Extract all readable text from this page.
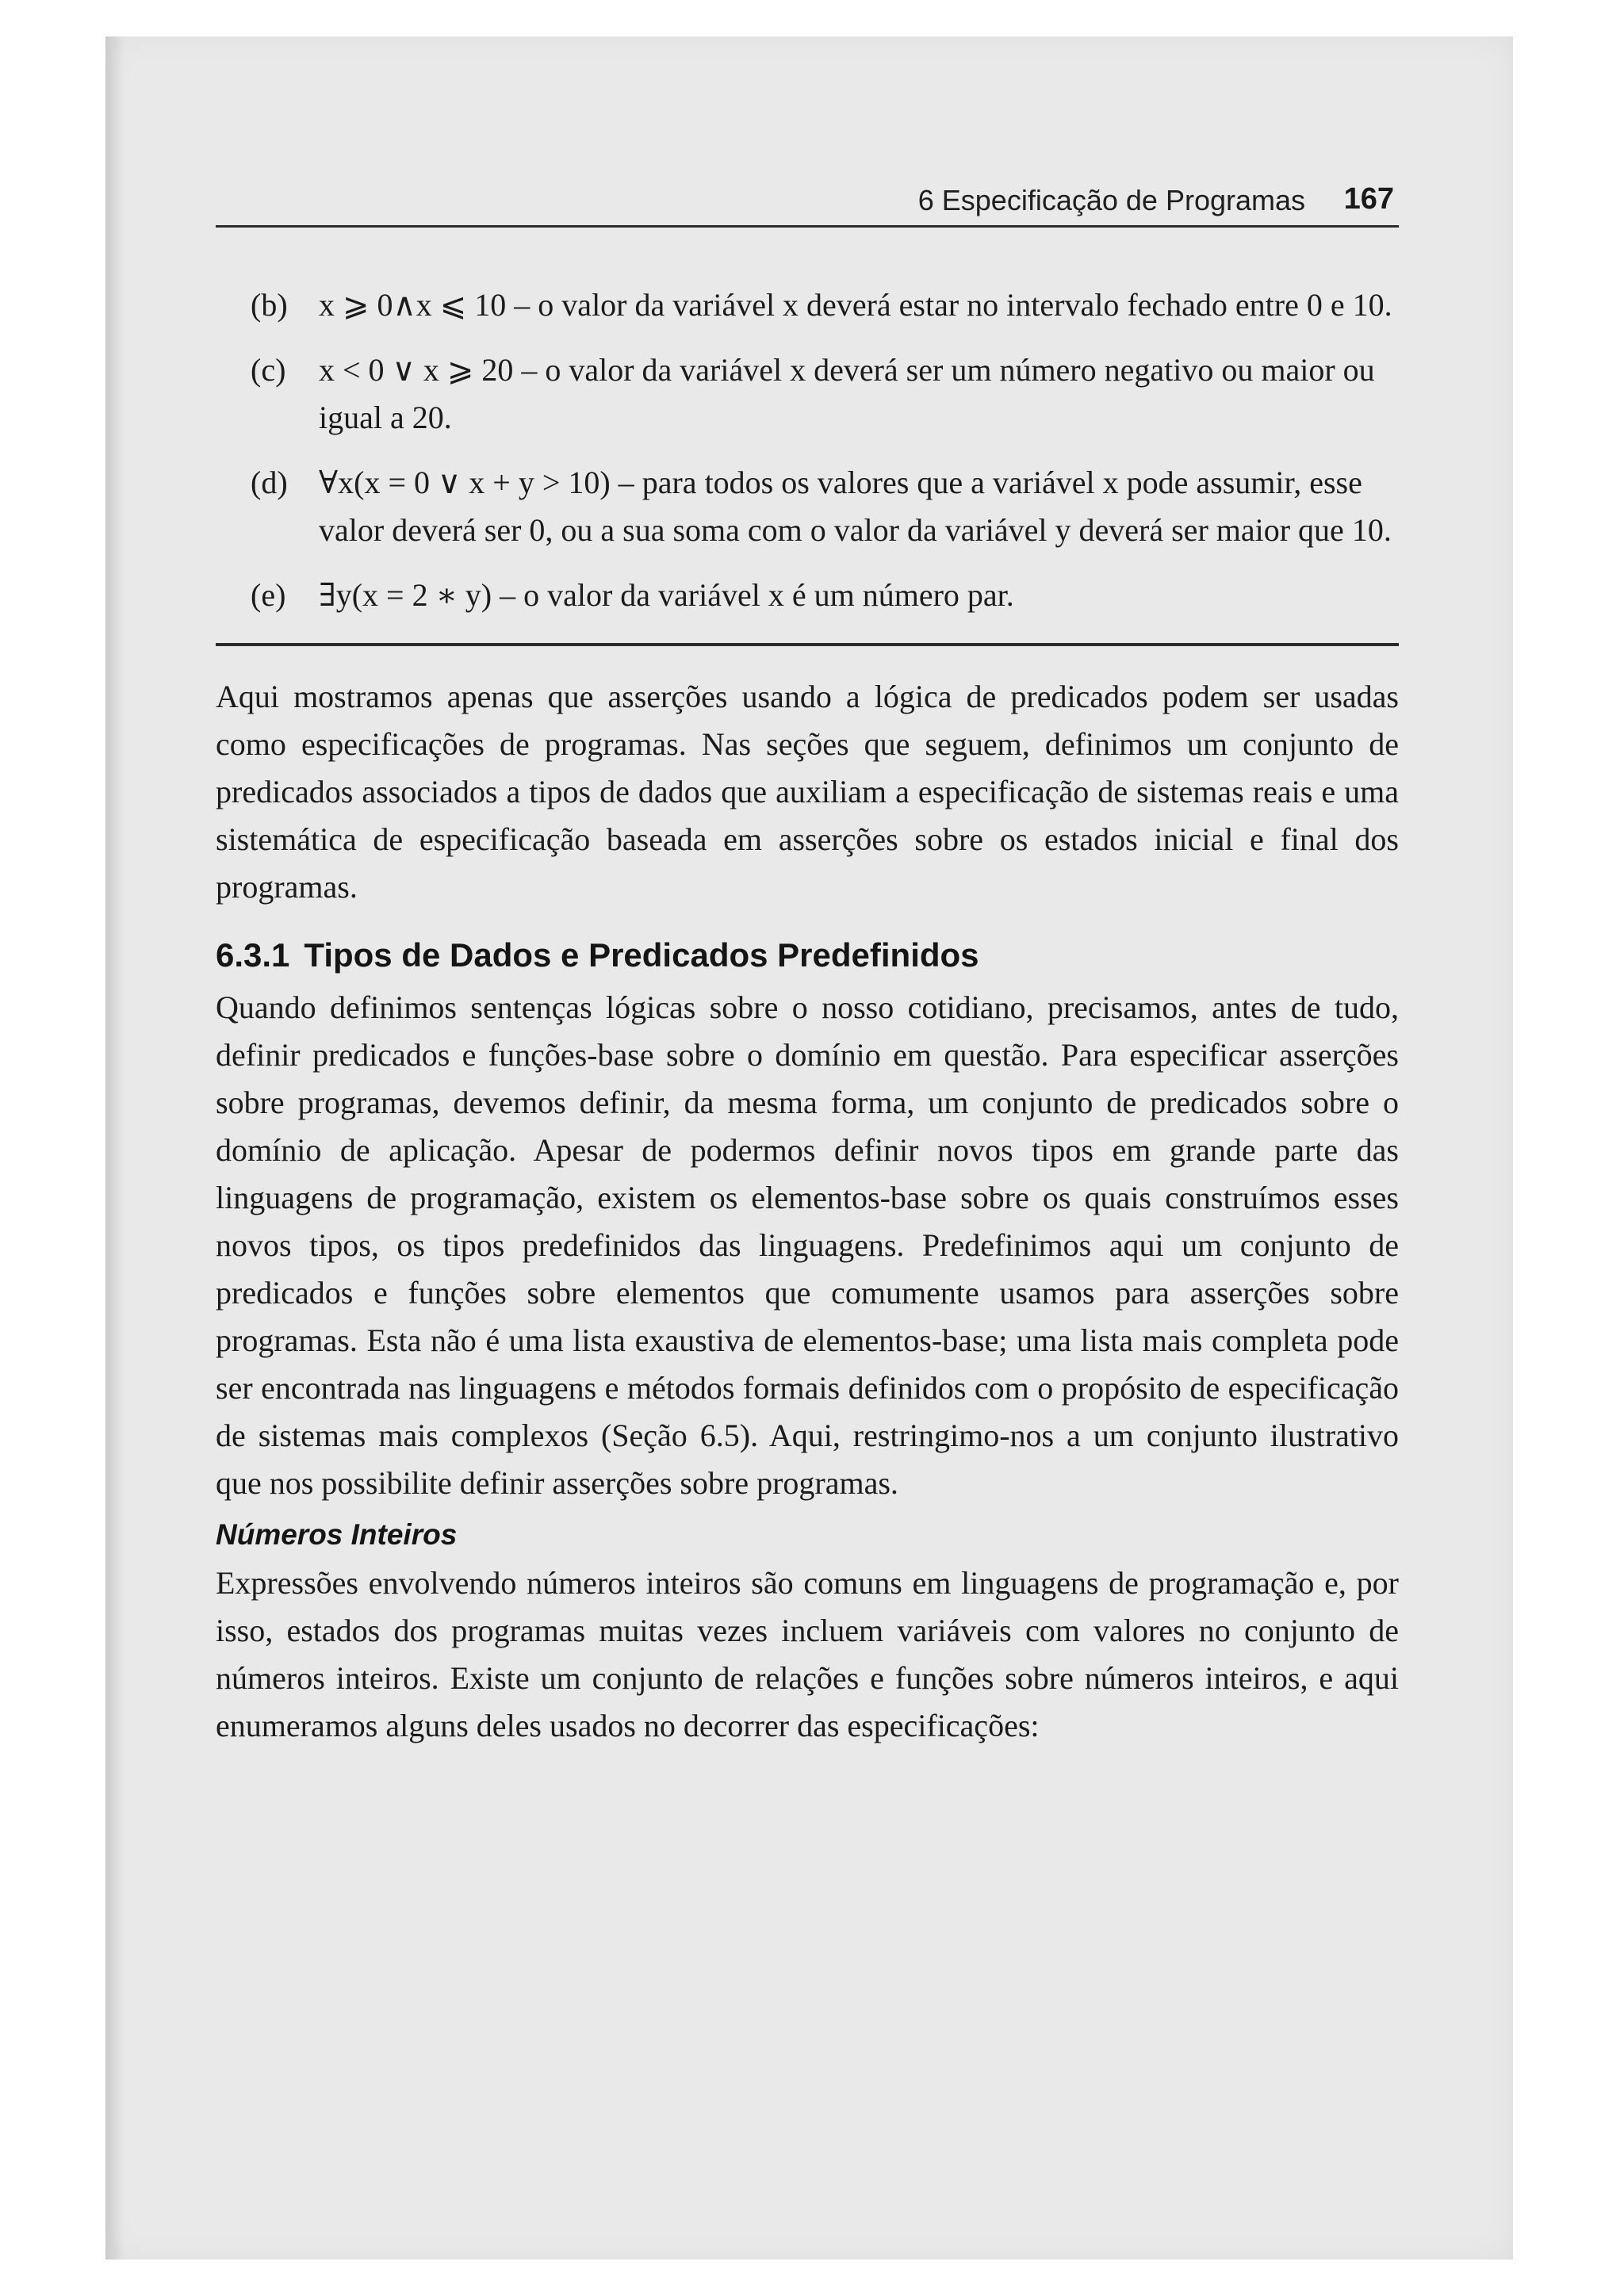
6 Especificação de Programas 167
(b) x ⩾ 0∧x ⩽ 10 – o valor da variável x deverá estar no intervalo fechado entre 0 e 10.
(c) x < 0 ∨ x ⩾ 20 – o valor da variável x deverá ser um número negativo ou maior ou igual a 20.
(d) ∀x(x = 0 ∨ x + y > 10) – para todos os valores que a variável x pode assumir, esse valor deverá ser 0, ou a sua soma com o valor da variável y deverá ser maior que 10.
(e) ∃y(x = 2 ∗ y) – o valor da variável x é um número par.

Aqui mostramos apenas que asserções usando a lógica de predicados podem ser usadas como especificações de programas. Nas seções que seguem, definimos um conjunto de predicados associados a tipos de dados que auxiliam a especificação de sistemas reais e uma sistemática de especificação baseada em asserções sobre os estados inicial e final dos programas.

6.3.1 Tipos de Dados e Predicados Predefinidos

Quando definimos sentenças lógicas sobre o nosso cotidiano, precisamos, antes de tudo, definir predicados e funções-base sobre o domínio em questão. Para especificar asserções sobre programas, devemos definir, da mesma forma, um conjunto de predicados sobre o domínio de aplicação. Apesar de podermos definir novos tipos em grande parte das linguagens de programação, existem os elementos-base sobre os quais construímos esses novos tipos, os tipos predefinidos das linguagens. Predefinimos aqui um conjunto de predicados e funções sobre elementos que comumente usamos para asserções sobre programas. Esta não é uma lista exaustiva de elementos-base; uma lista mais completa pode ser encontrada nas linguagens e métodos formais definidos com o propósito de especificação de sistemas mais complexos (Seção 6.5). Aqui, restringimo-nos a um conjunto ilustrativo que nos possibilite definir asserções sobre programas.

Números Inteiros

Expressões envolvendo números inteiros são comuns em linguagens de programação e, por isso, estados dos programas muitas vezes incluem variáveis com valores no conjunto de números inteiros. Existe um conjunto de relações e funções sobre números inteiros, e aqui enumeramos alguns deles usados no decorrer das especificações:
